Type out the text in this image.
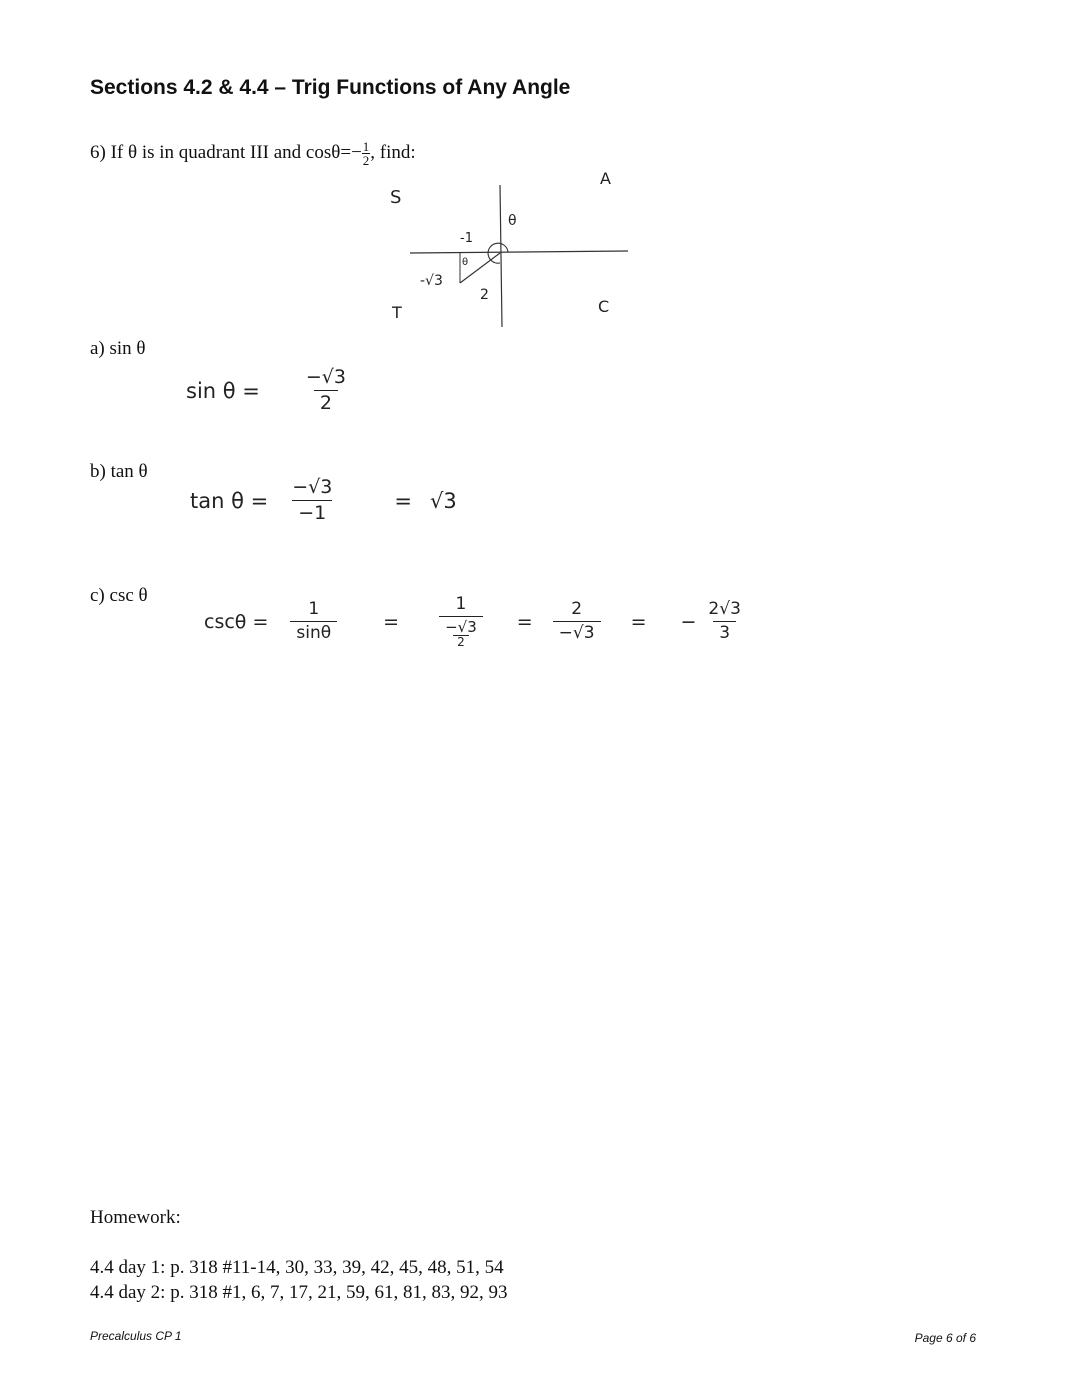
Sections 4.2 & 4.4 – Trig Functions of Any Angle
6) If θ is in quadrant III and $\cos\theta=- \frac{1}{2}$ , find:
S
A
T	C
θ
-1
-√3
2
θ
a) sin θ
$\sin \theta = \frac{-√3}{2}$
b) tan θ
$\tan \theta = \frac{-√3}{-1}$	= √3
c) csc θ
$\csc\theta = \frac{1}{\sin\theta} = 1$
−√3
$2 = \frac{2}{-√3}$ = − $\frac{2√3}{3}$
Homework:
4.4 day 1: p. 318 #11-14, 30, 33, 39, 42, 45, 48, 51, 54
4.4 day 2: p. 318 #1, 6, 7, 17, 21, 59, 61, 81, 83, 92, 93
Precalculus CP 1	Page 6 of 6
